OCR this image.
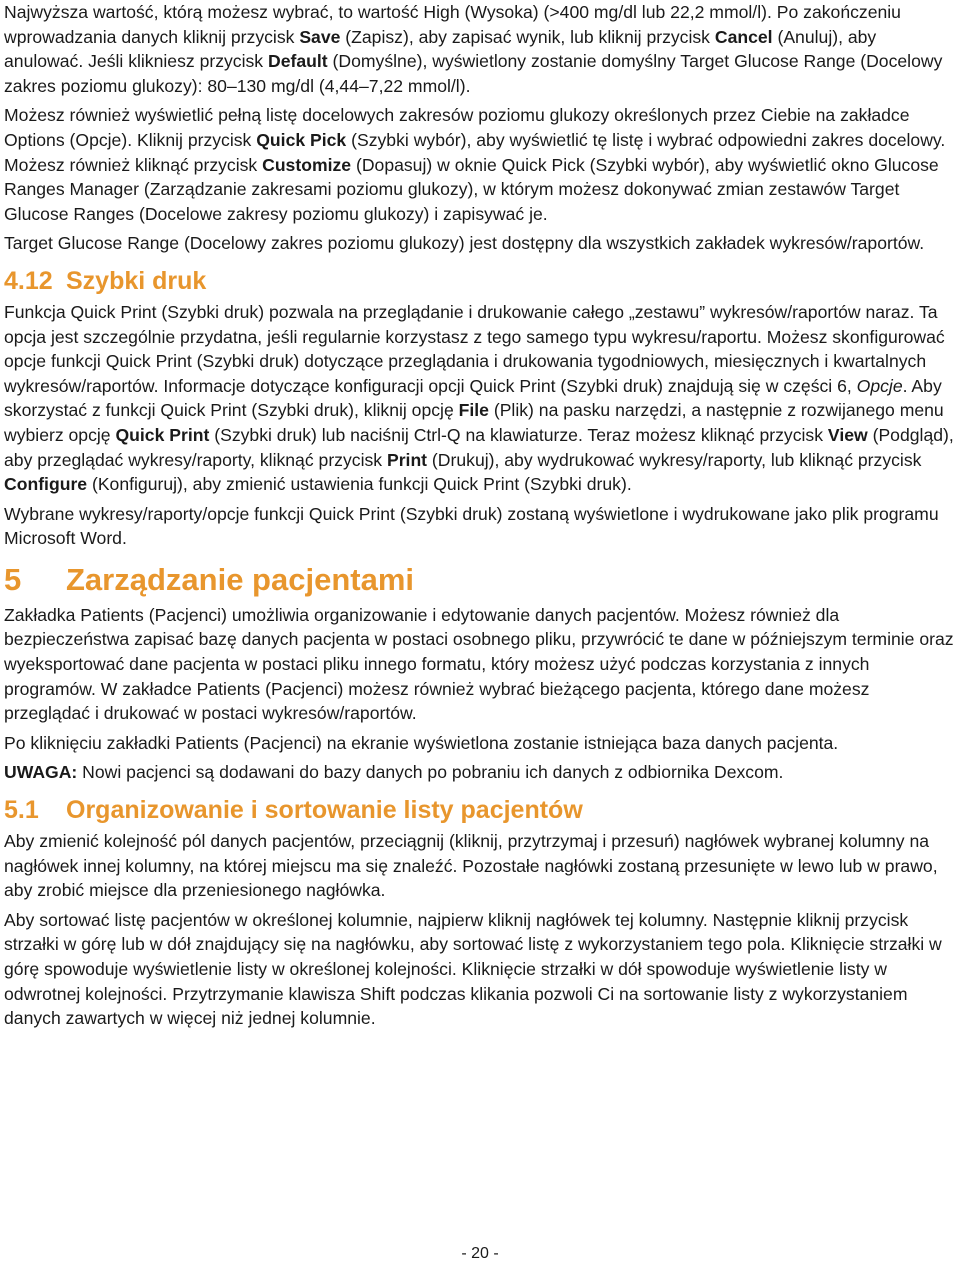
Najwyższa wartość, którą możesz wybrać, to wartość High (Wysoka) (>400 mg/dl lub 22,2 mmol/l). Po zakończeniu wprowadzania danych kliknij przycisk Save (Zapisz), aby zapisać wynik, lub kliknij przycisk Cancel (Anuluj), aby anulować. Jeśli klikniesz przycisk Default (Domyślne), wyświetlony zostanie domyślny Target Glucose Range (Docelowy zakres poziomu glukozy): 80–130 mg/dl (4,44–7,22 mmol/l).

Możesz również wyświetlić pełną listę docelowych zakresów poziomu glukozy określonych przez Ciebie na zakładce Options (Opcje). Kliknij przycisk Quick Pick (Szybki wybór), aby wyświetlić tę listę i wybrać odpowiedni zakres docelowy. Możesz również kliknąć przycisk Customize (Dopasuj) w oknie Quick Pick (Szybki wybór), aby wyświetlić okno Glucose Ranges Manager (Zarządzanie zakresami poziomu glukozy), w którym możesz dokonywać zmian zestawów Target Glucose Ranges (Docelowe zakresy poziomu glukozy) i zapisywać je.

Target Glucose Range (Docelowy zakres poziomu glukozy) jest dostępny dla wszystkich zakładek wykresów/raportów.

4.12 Szybki druk

Funkcja Quick Print (Szybki druk) pozwala na przeglądanie i drukowanie całego „zestawu” wykresów/raportów naraz. Ta opcja jest szczególnie przydatna, jeśli regularnie korzystasz z tego samego typu wykresu/raportu. Możesz skonfigurować opcje funkcji Quick Print (Szybki druk) dotyczące przeglądania i drukowania tygodniowych, miesięcznych i kwartalnych wykresów/raportów. Informacje dotyczące konfiguracji opcji Quick Print (Szybki druk) znajdują się w części 6, Opcje. Aby skorzystać z funkcji Quick Print (Szybki druk), kliknij opcję File (Plik) na pasku narzędzi, a następnie z rozwijanego menu wybierz opcję Quick Print (Szybki druk) lub naciśnij Ctrl-Q na klawiaturze. Teraz możesz kliknąć przycisk View (Podgląd), aby przeglądać wykresy/raporty, kliknąć przycisk Print (Drukuj), aby wydrukować wykresy/raporty, lub kliknąć przycisk Configure (Konfiguruj), aby zmienić ustawienia funkcji Quick Print (Szybki druk).

Wybrane wykresy/raporty/opcje funkcji Quick Print (Szybki druk) zostaną wyświetlone i wydrukowane jako plik programu Microsoft Word.

5 Zarządzanie pacjentami

Zakładka Patients (Pacjenci) umożliwia organizowanie i edytowanie danych pacjentów. Możesz również dla bezpieczeństwa zapisać bazę danych pacjenta w postaci osobnego pliku, przywrócić te dane w późniejszym terminie oraz wyeksportować dane pacjenta w postaci pliku innego formatu, który możesz użyć podczas korzystania z innych programów. W zakładce Patients (Pacjenci) możesz również wybrać bieżącego pacjenta, którego dane możesz przeglądać i drukować w postaci wykresów/raportów.

Po kliknięciu zakładki Patients (Pacjenci) na ekranie wyświetlona zostanie istniejąca baza danych pacjenta.

UWAGA: Nowi pacjenci są dodawani do bazy danych po pobraniu ich danych z odbiornika Dexcom.

5.1 Organizowanie i sortowanie listy pacjentów

Aby zmienić kolejność pól danych pacjentów, przeciągnij (kliknij, przytrzymaj i przesuń) nagłówek wybranej kolumny na nagłówek innej kolumny, na której miejscu ma się znaleźć. Pozostałe nagłówki zostaną przesunięte w lewo lub w prawo, aby zrobić miejsce dla przeniesionego nagłówka.

Aby sortować listę pacjentów w określonej kolumnie, najpierw kliknij nagłówek tej kolumny. Następnie kliknij przycisk strzałki w górę lub w dół znajdujący się na nagłówku, aby sortować listę z wykorzystaniem tego pola. Kliknięcie strzałki w górę spowoduje wyświetlenie listy w określonej kolejności. Kliknięcie strzałki w dół spowoduje wyświetlenie listy w odwrotnej kolejności. Przytrzymanie klawisza Shift podczas klikania pozwoli Ci na sortowanie listy z wykorzystaniem danych zawartych w więcej niż jednej kolumnie.

- 20 -
